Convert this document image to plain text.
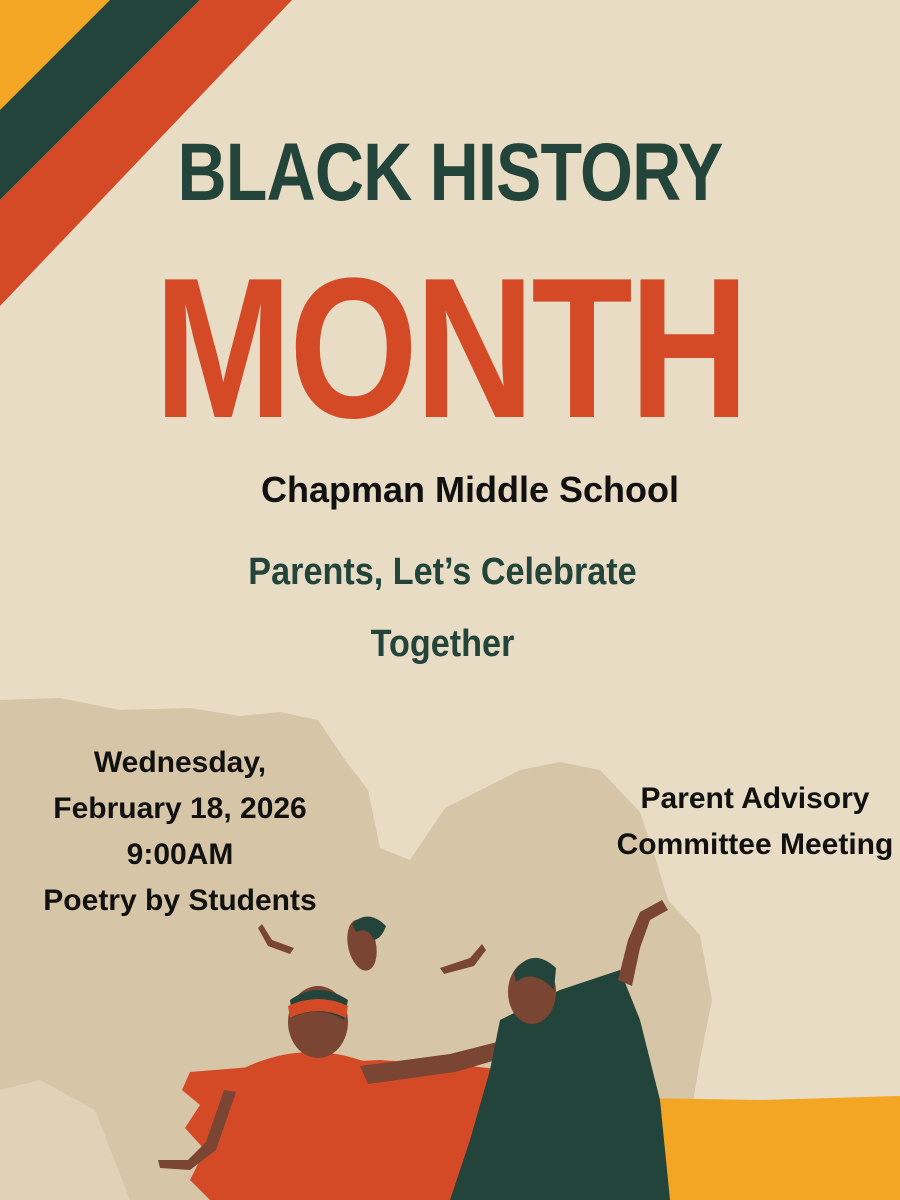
BLACK HISTORY
MONTH
Chapman Middle School
Parents, Let’s Celebrate Together
Wednesday,
February 18, 2026
9:00AM
Poetry by Students
Parent Advisory Committee Meeting
